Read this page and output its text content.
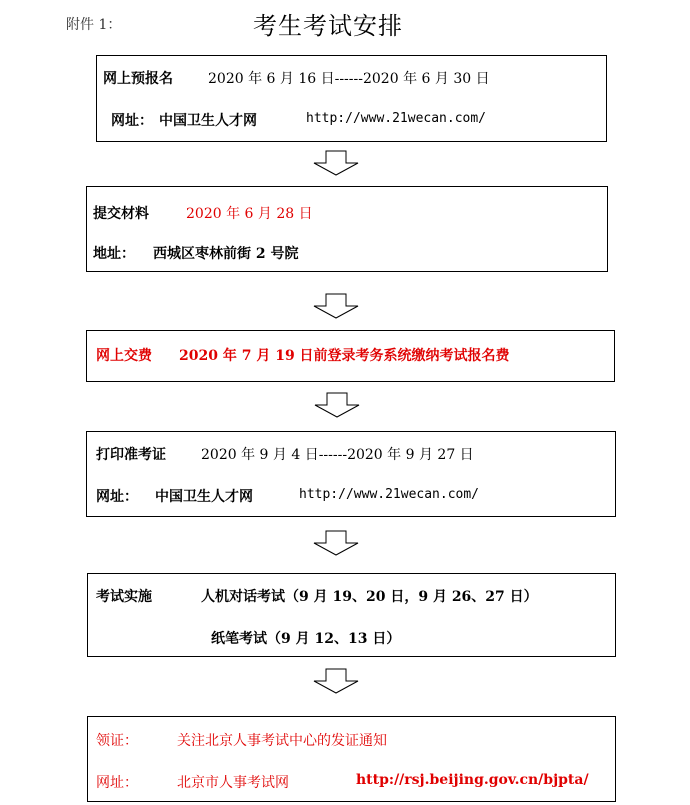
附件 1：	考生考试安排
网上预报名	2020 年 6 月 16 日------2020 年 6 月 30 日
网址： 中国卫生人才网	http://www.21wecan.com/
提交材料	2020 年 6 月 28 日
地址： 西城区枣林前街 2 号院
网上交费 2020 年 7 月 19 日前登录考务系统缴纳考试报名费
打印准考证	2020 年 9 月 4 日------2020 年 9 月 27 日
网址： 中国卫生人才网	http://www.21wecan.com/
考试实施	人机对话考试（9 月 19、20 日，9 月 26、27 日）
纸笔考试（9 月 12、13 日）
领证：	关注北京人事考试中心的发证通知
网址：	北京市人事考试网	http://rsj.beijing.gov.cn/bjpta/
